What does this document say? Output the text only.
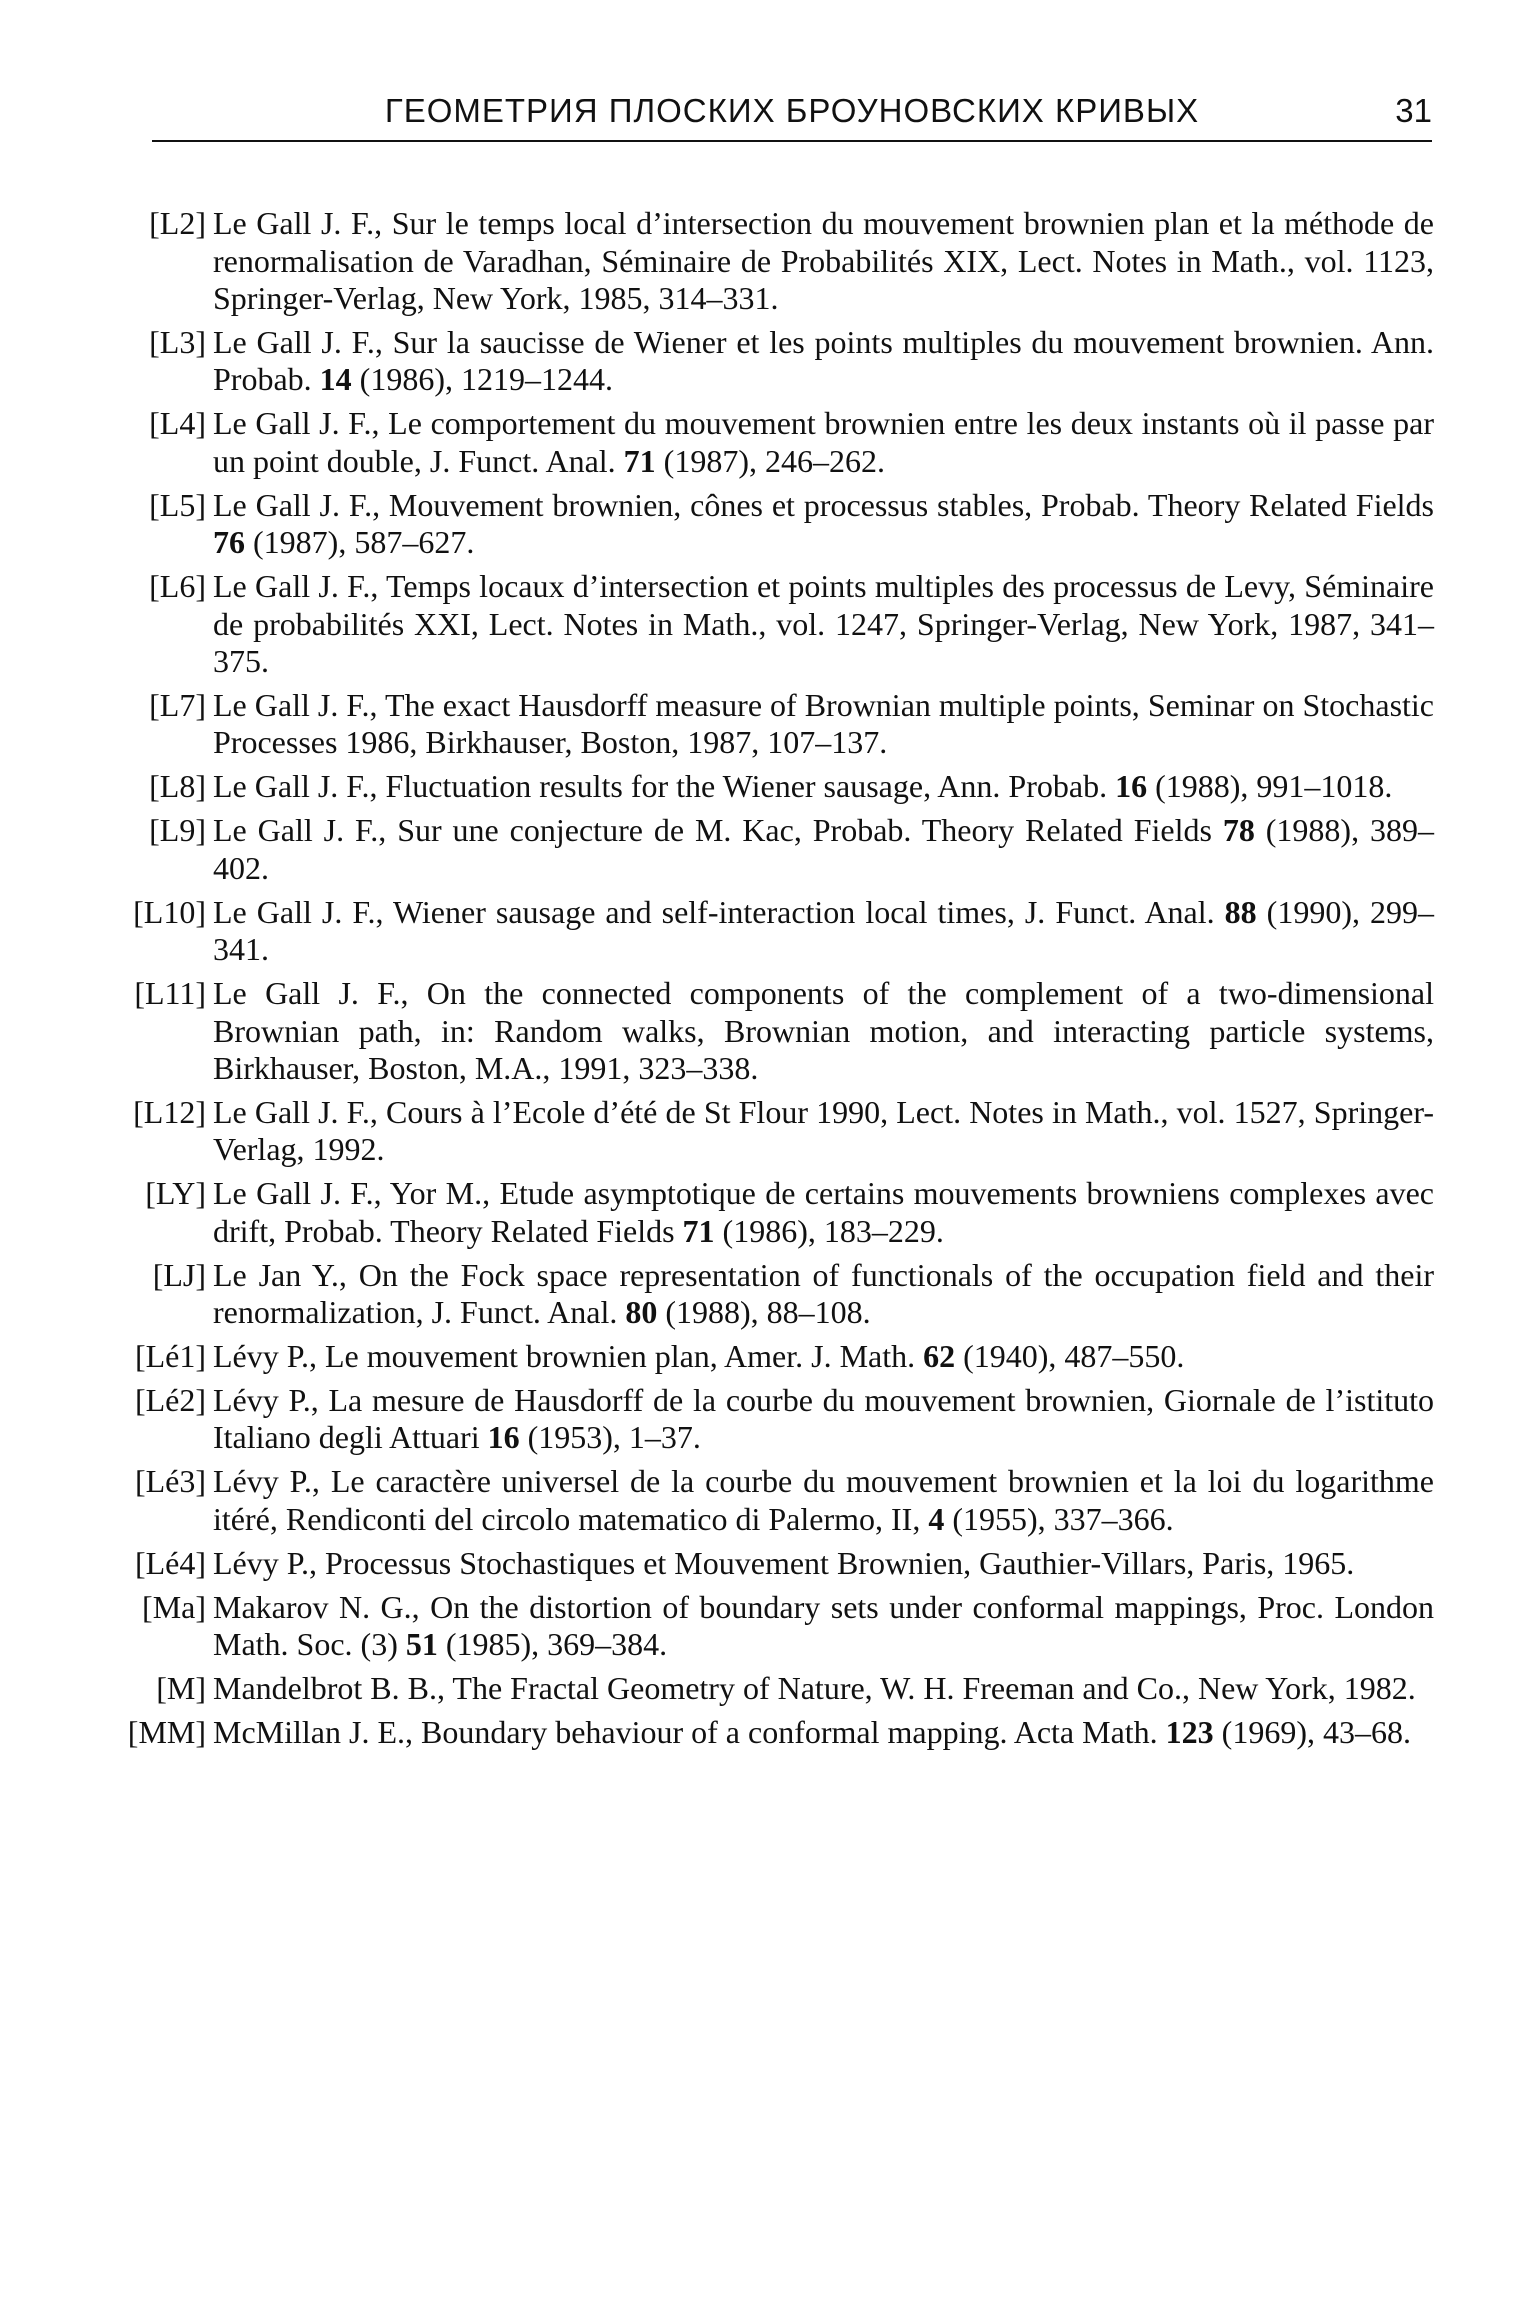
ГЕОМЕТРИЯ ПЛОСКИХ БРОУНОВСКИХ КРИВЫХ	31
[L2] Le Gall J. F., Sur le temps local d’intersection du mouvement brownien plan et la méthode de renormalisation de Varadhan, Séminaire de Probabilités XIX, Lect. Notes in Math., vol. 1123, Springer-Verlag, New York, 1985, 314–331.
[L3] Le Gall J. F., Sur la saucisse de Wiener et les points multiples du mouvement brownien. Ann. Probab. 14 (1986), 1219–1244.
[L4] Le Gall J. F., Le comportement du mouvement brownien entre les deux instants où il passe par un point double, J. Funct. Anal. 71 (1987), 246–262.
[L5] Le Gall J. F., Mouvement brownien, cônes et processus stables, Probab. Theory Related Fields 76 (1987), 587–627.
[L6] Le Gall J. F., Temps locaux d’intersection et points multiples des processus de Levy, Séminaire de probabilités XXI, Lect. Notes in Math., vol. 1247, Springer-Verlag, New York, 1987, 341–375.
[L7] Le Gall J. F., The exact Hausdorff measure of Brownian multiple points, Seminar on Stochastic Processes 1986, Birkhauser, Boston, 1987, 107–137.
[L8] Le Gall J. F., Fluctuation results for the Wiener sausage, Ann. Probab. 16 (1988), 991–1018.
[L9] Le Gall J. F., Sur une conjecture de M. Kac, Probab. Theory Related Fields 78 (1988), 389–402.
[L10] Le Gall J. F., Wiener sausage and self-interaction local times, J. Funct. Anal. 88 (1990), 299–341.
[L11] Le Gall J. F., On the connected components of the complement of a two-dimensional Brownian path, in: Random walks, Brownian motion, and interacting particle systems, Birkhauser, Boston, M.A., 1991, 323–338.
[L12] Le Gall J. F., Cours à l’Ecole d’été de St Flour 1990, Lect. Notes in Math., vol. 1527, Springer-Verlag, 1992.
[LY] Le Gall J. F., Yor M., Etude asymptotique de certains mouvements browniens complexes avec drift, Probab. Theory Related Fields 71 (1986), 183–229.
[LJ] Le Jan Y., On the Fock space representation of functionals of the occupation field and their renormalization, J. Funct. Anal. 80 (1988), 88–108.
[Lé1] Lévy P., Le mouvement brownien plan, Amer. J. Math. 62 (1940), 487–550.
[Lé2] Lévy P., La mesure de Hausdorff de la courbe du mouvement brownien, Giornale de l’istituto Italiano degli Attuari 16 (1953), 1–37.
[Lé3] Lévy P., Le caractère universel de la courbe du mouvement brownien et la loi du logarithme itéré, Rendiconti del circolo matematico di Palermo, II, 4 (1955), 337–366.
[Lé4] Lévy P., Processus Stochastiques et Mouvement Brownien, Gauthier-Villars, Paris, 1965.
[Ma] Makarov N. G., On the distortion of boundary sets under conformal mappings, Proc. London Math. Soc. (3) 51 (1985), 369–384.
[M] Mandelbrot B. B., The Fractal Geometry of Nature, W. H. Freeman and Co., New York, 1982.
[MM] McMillan J. E., Boundary behaviour of a conformal mapping. Acta Math. 123 (1969), 43–68.
